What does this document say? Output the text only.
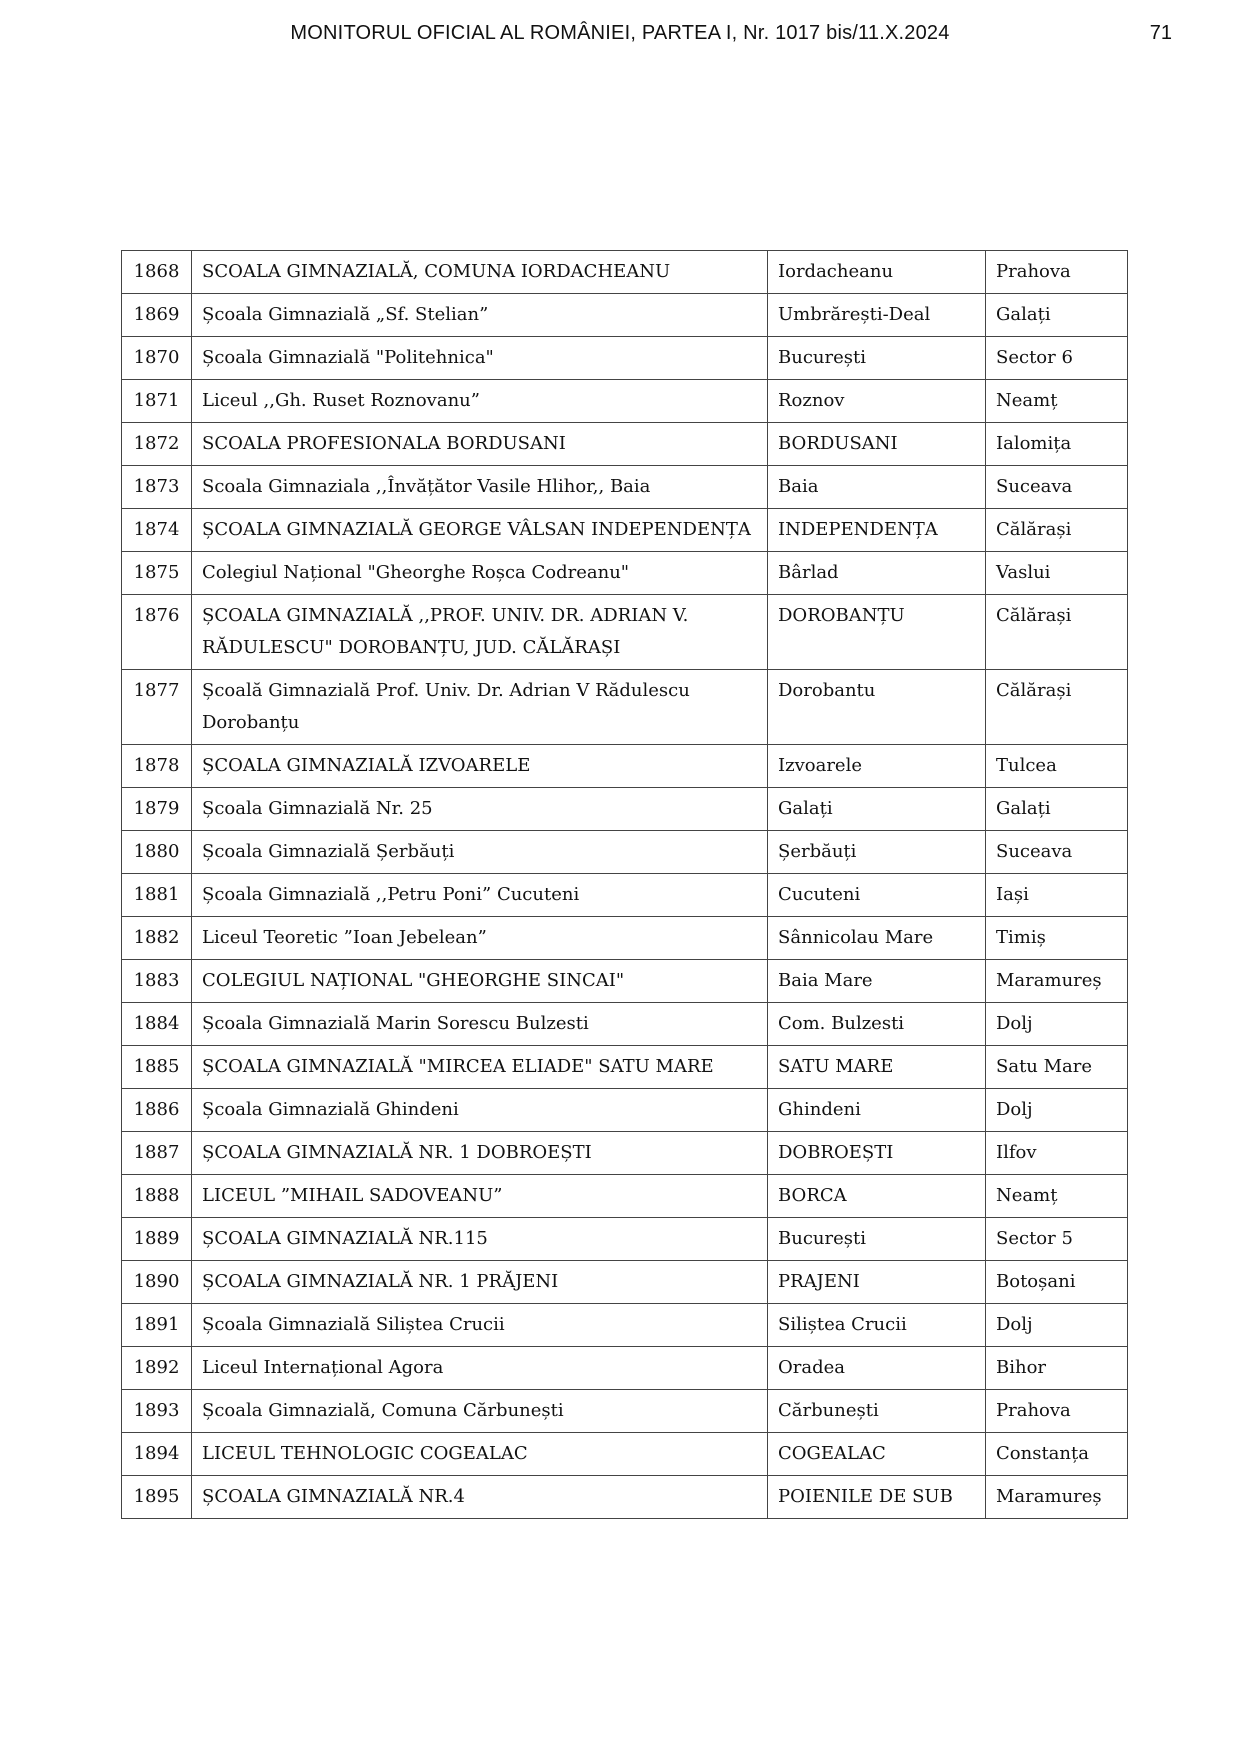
MONITORUL OFICIAL AL ROMÂNIEI, PARTEA I, Nr. 1017 bis/11.X.2024	71
1868	SCOALA GIMNAZIALĂ, COMUNA IORDACHEANU	Iordacheanu	Prahova
1869	Școala Gimnazială „Sf. Stelian”	Umbrărești-Deal	Galați
1870	Școala Gimnazială "Politehnica"	București	Sector 6
1871	Liceul ,,Gh. Ruset Roznovanu”	Roznov	Neamț
1872	SCOALA PROFESIONALA BORDUSANI	BORDUSANI	Ialomița
1873	Scoala Gimnaziala ,,Învățător Vasile Hlihor,, Baia	Baia	Suceava
1874	ȘCOALA GIMNAZIALĂ GEORGE VÂLSAN INDEPENDENȚA	INDEPENDENȚA	Călărași
1875	Colegiul Național "Gheorghe Roșca Codreanu"	Bârlad	Vaslui
1876	ȘCOALA GIMNAZIALĂ ,,PROF. UNIV. DR. ADRIAN V. RĂDULESCU" DOROBANȚU, JUD. CĂLĂRAȘI	DOROBANȚU	Călărași
1877	Școală Gimnazială Prof. Univ. Dr. Adrian V Rădulescu Dorobanțu	Dorobantu	Călărași
1878	ȘCOALA GIMNAZIALĂ IZVOARELE	Izvoarele	Tulcea
1879	Școala Gimnazială Nr. 25	Galați	Galați
1880	Școala Gimnazială Șerbăuți	Șerbăuți	Suceava
1881	Școala Gimnazială ,,Petru Poni” Cucuteni	Cucuteni	Iași
1882	Liceul Teoretic ”Ioan Jebelean”	Sânnicolau Mare	Timiș
1883	COLEGIUL NAȚIONAL "GHEORGHE SINCAI"	Baia Mare	Maramureș
1884	Școala Gimnazială Marin Sorescu Bulzesti	Com. Bulzesti	Dolj
1885	ȘCOALA GIMNAZIALĂ "MIRCEA ELIADE" SATU MARE	SATU MARE	Satu Mare
1886	Școala Gimnazială Ghindeni	Ghindeni	Dolj
1887	ȘCOALA GIMNAZIALĂ NR. 1 DOBROEȘTI	DOBROEȘTI	Ilfov
1888	LICEUL ”MIHAIL SADOVEANU”	BORCA	Neamț
1889	ȘCOALA GIMNAZIALĂ NR.115	București	Sector 5
1890	ȘCOALA GIMNAZIALĂ NR. 1 PRĂJENI	PRAJENI	Botoșani
1891	Școala Gimnazială Siliștea Crucii	Siliștea Crucii	Dolj
1892	Liceul Internațional Agora	Oradea	Bihor
1893	Școala Gimnazială, Comuna Cărbunești	Cărbunești	Prahova
1894	LICEUL TEHNOLOGIC COGEALAC	COGEALAC	Constanța
1895	ȘCOALA GIMNAZIALĂ NR.4	POIENILE DE SUB	Maramureș
